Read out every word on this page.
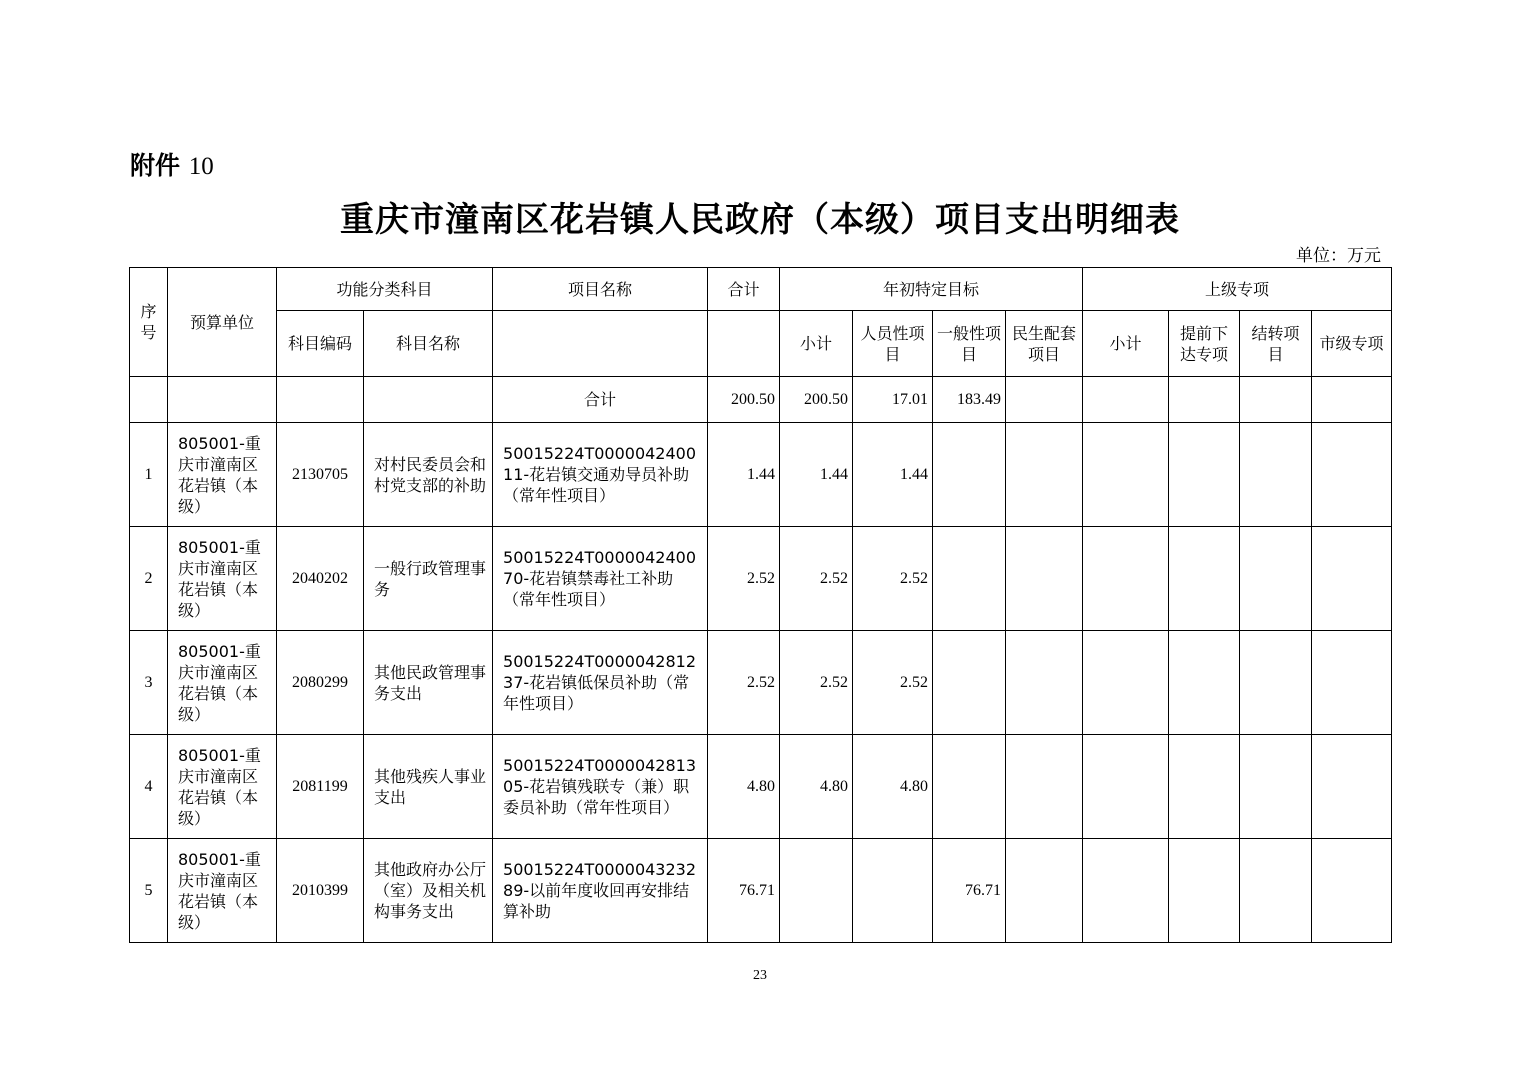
附件 10
重庆市潼南区花岩镇人民政府（本级）项目支出明细表
单位：万元
序号	预算单位	功能分类科目		项目名称	合计	年初特定目标				上级专项			
		科目编码	科目名称			小计	人员性项目	一般性项目	民生配套项目	小计	提前下达专项	结转项目	市级专项
				合计	200.50	200.50	17.01	183.49					
1	805001-重庆市潼南区花岩镇（本级）	2130705	对村民委员会和村党支部的补助	50015224T000004240011-花岩镇交通劝导员补助（常年性项目）	1.44	1.44	1.44						
2	805001-重庆市潼南区花岩镇（本级）	2040202	一般行政管理事务	50015224T000004240070-花岩镇禁毒社工补助（常年性项目）	2.52	2.52	2.52						
3	805001-重庆市潼南区花岩镇（本级）	2080299	其他民政管理事务支出	50015224T000004281237-花岩镇低保员补助（常年性项目）	2.52	2.52	2.52						
4	805001-重庆市潼南区花岩镇（本级）	2081199	其他残疾人事业支出	50015224T000004281305-花岩镇残联专（兼）职委员补助（常年性项目）	4.80	4.80	4.80						
5	805001-重庆市潼南区花岩镇（本级）	2010399	其他政府办公厅（室）及相关机构事务支出	50015224T000004323289-以前年度收回再安排结算补助	76.71			76.71					
23
